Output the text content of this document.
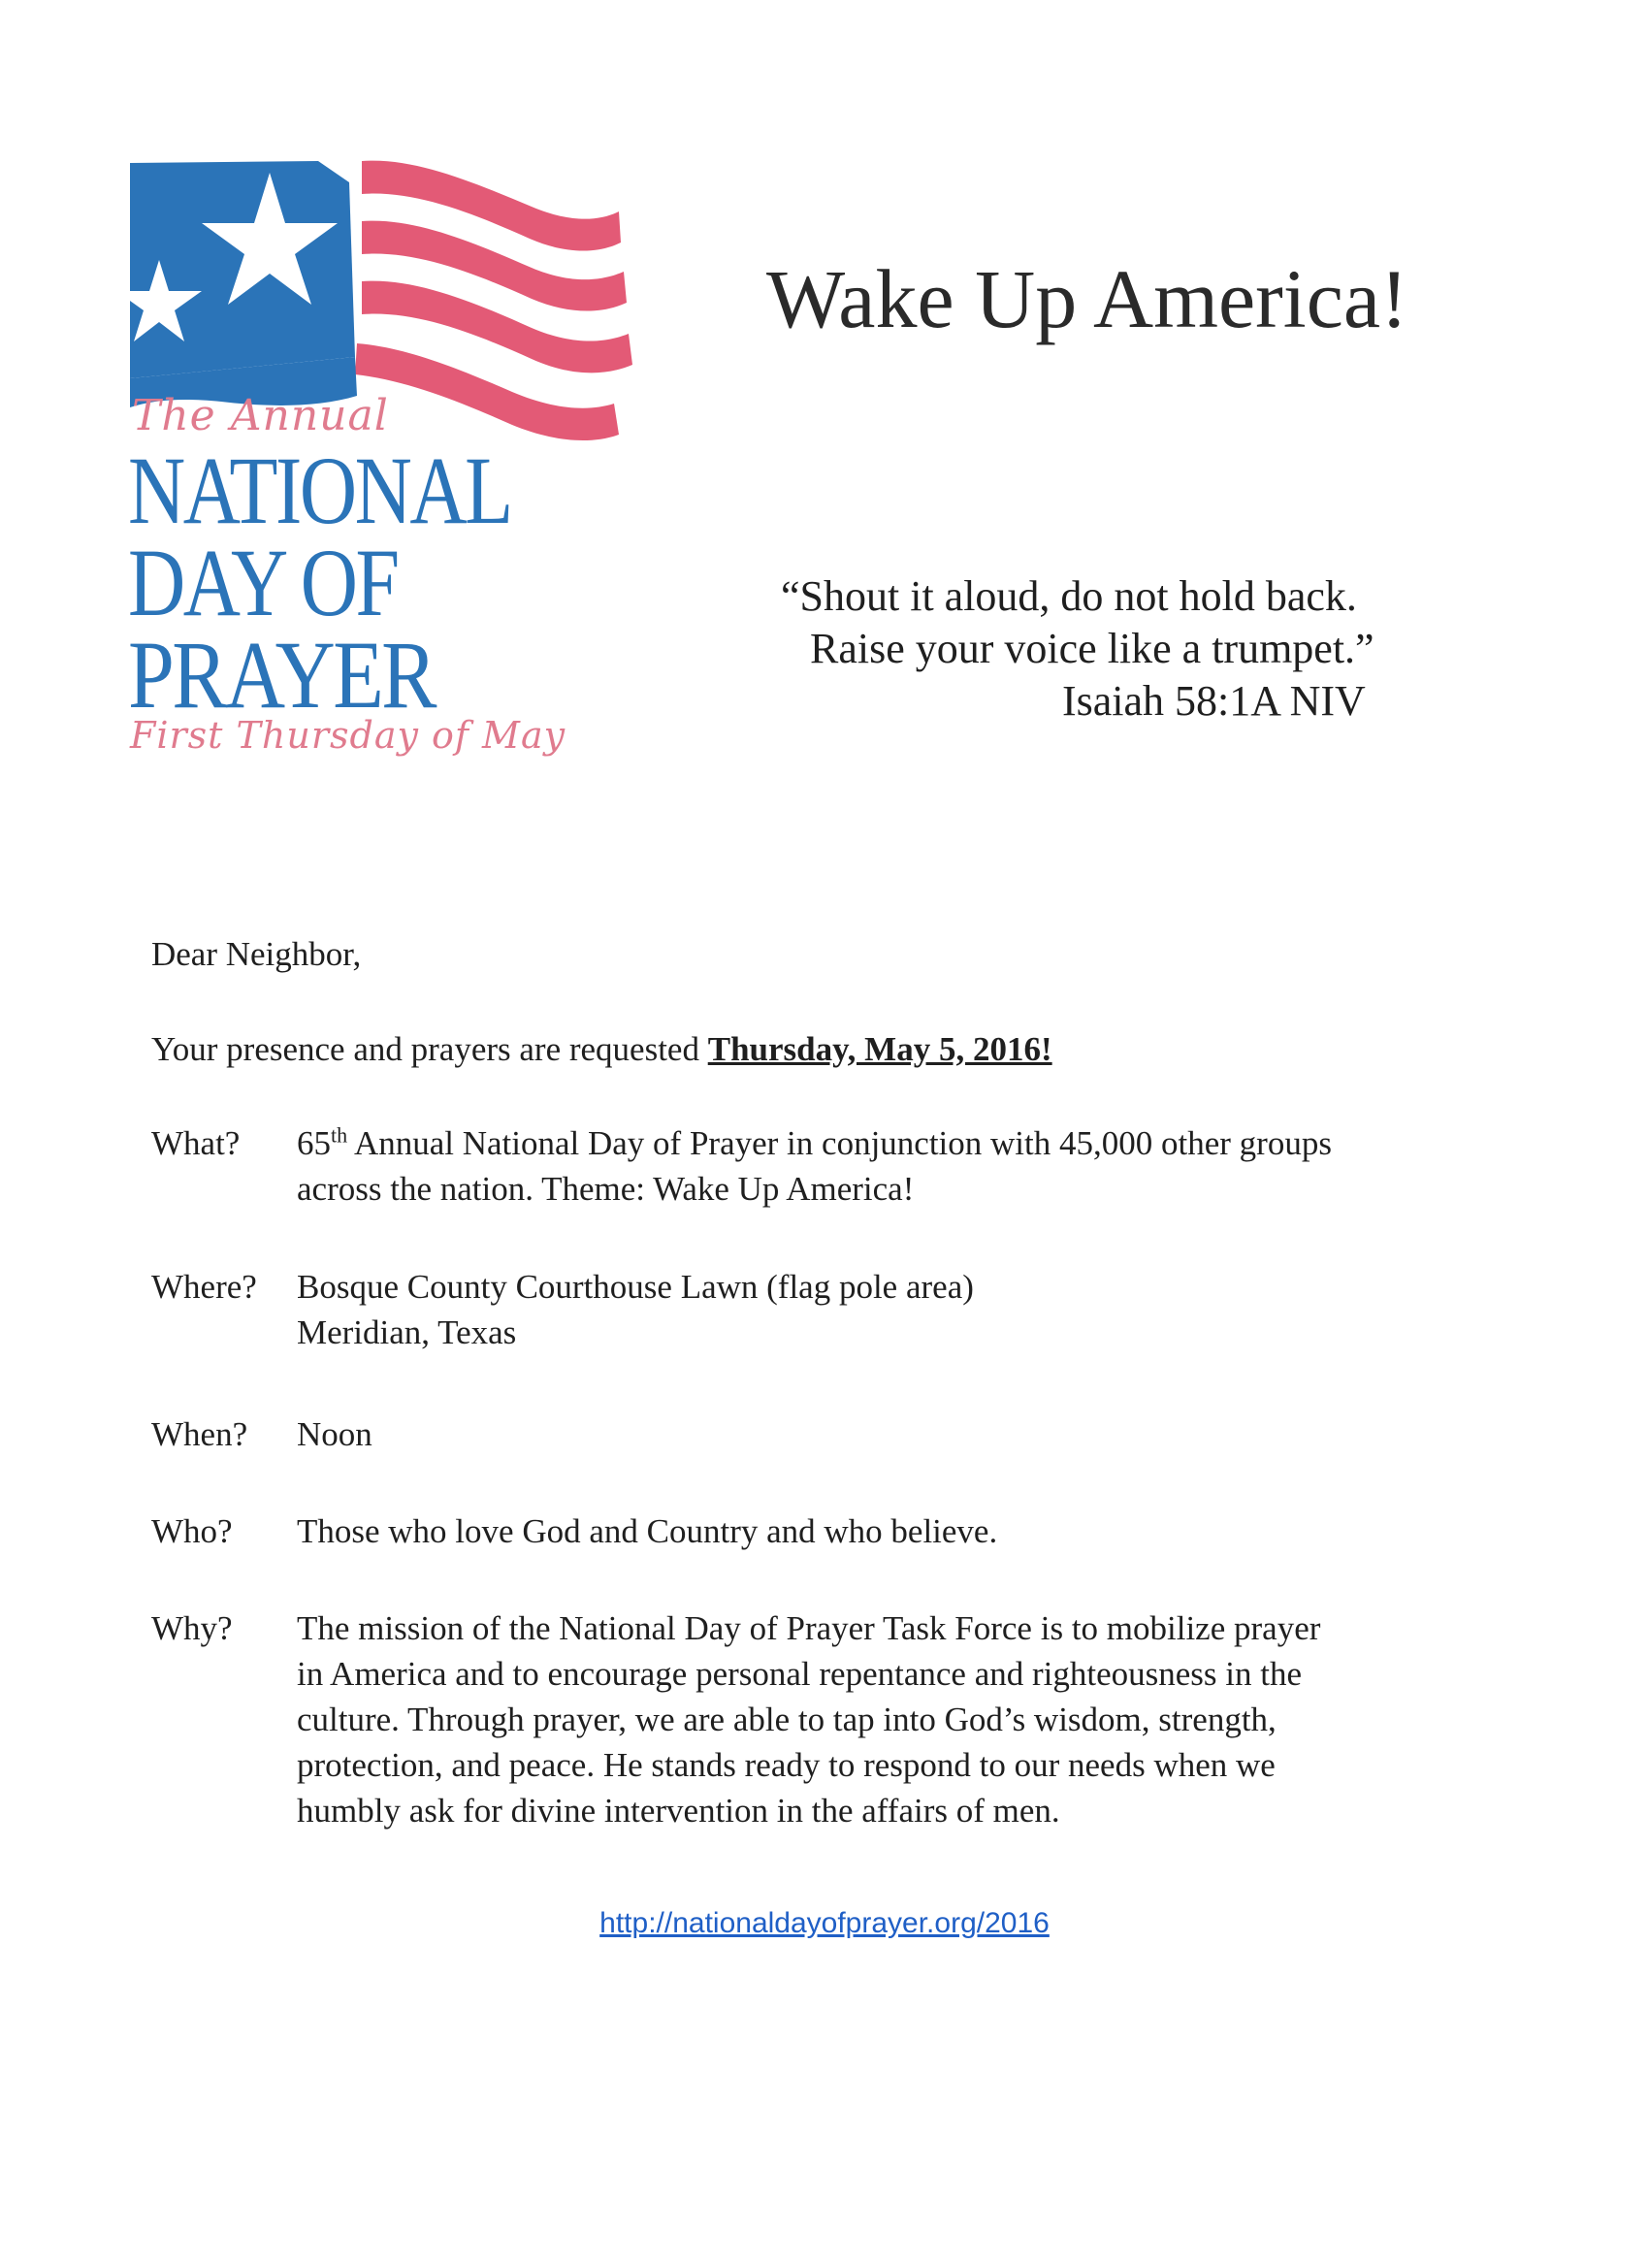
The Annual
NATIONAL
DAY OF
PRAYER
First Thursday of May
Wake Up America!
“Shout it aloud, do not hold back.
Raise your voice like a trumpet.”
Isaiah 58:1A NIV
Dear Neighbor,
Your presence and prayers are requested Thursday, May 5, 2016!
What? 65th Annual National Day of Prayer in conjunction with 45,000 other groups
across the nation. Theme: Wake Up America!
Where? Bosque County Courthouse Lawn (flag pole area)
Meridian, Texas
When? Noon
Who? Those who love God and Country and who believe.
Why? The mission of the National Day of Prayer Task Force is to mobilize prayer
in America and to encourage personal repentance and righteousness in the
culture. Through prayer, we are able to tap into God’s wisdom, strength,
protection, and peace. He stands ready to respond to our needs when we
humbly ask for divine intervention in the affairs of men.
http://nationaldayofprayer.org/2016
